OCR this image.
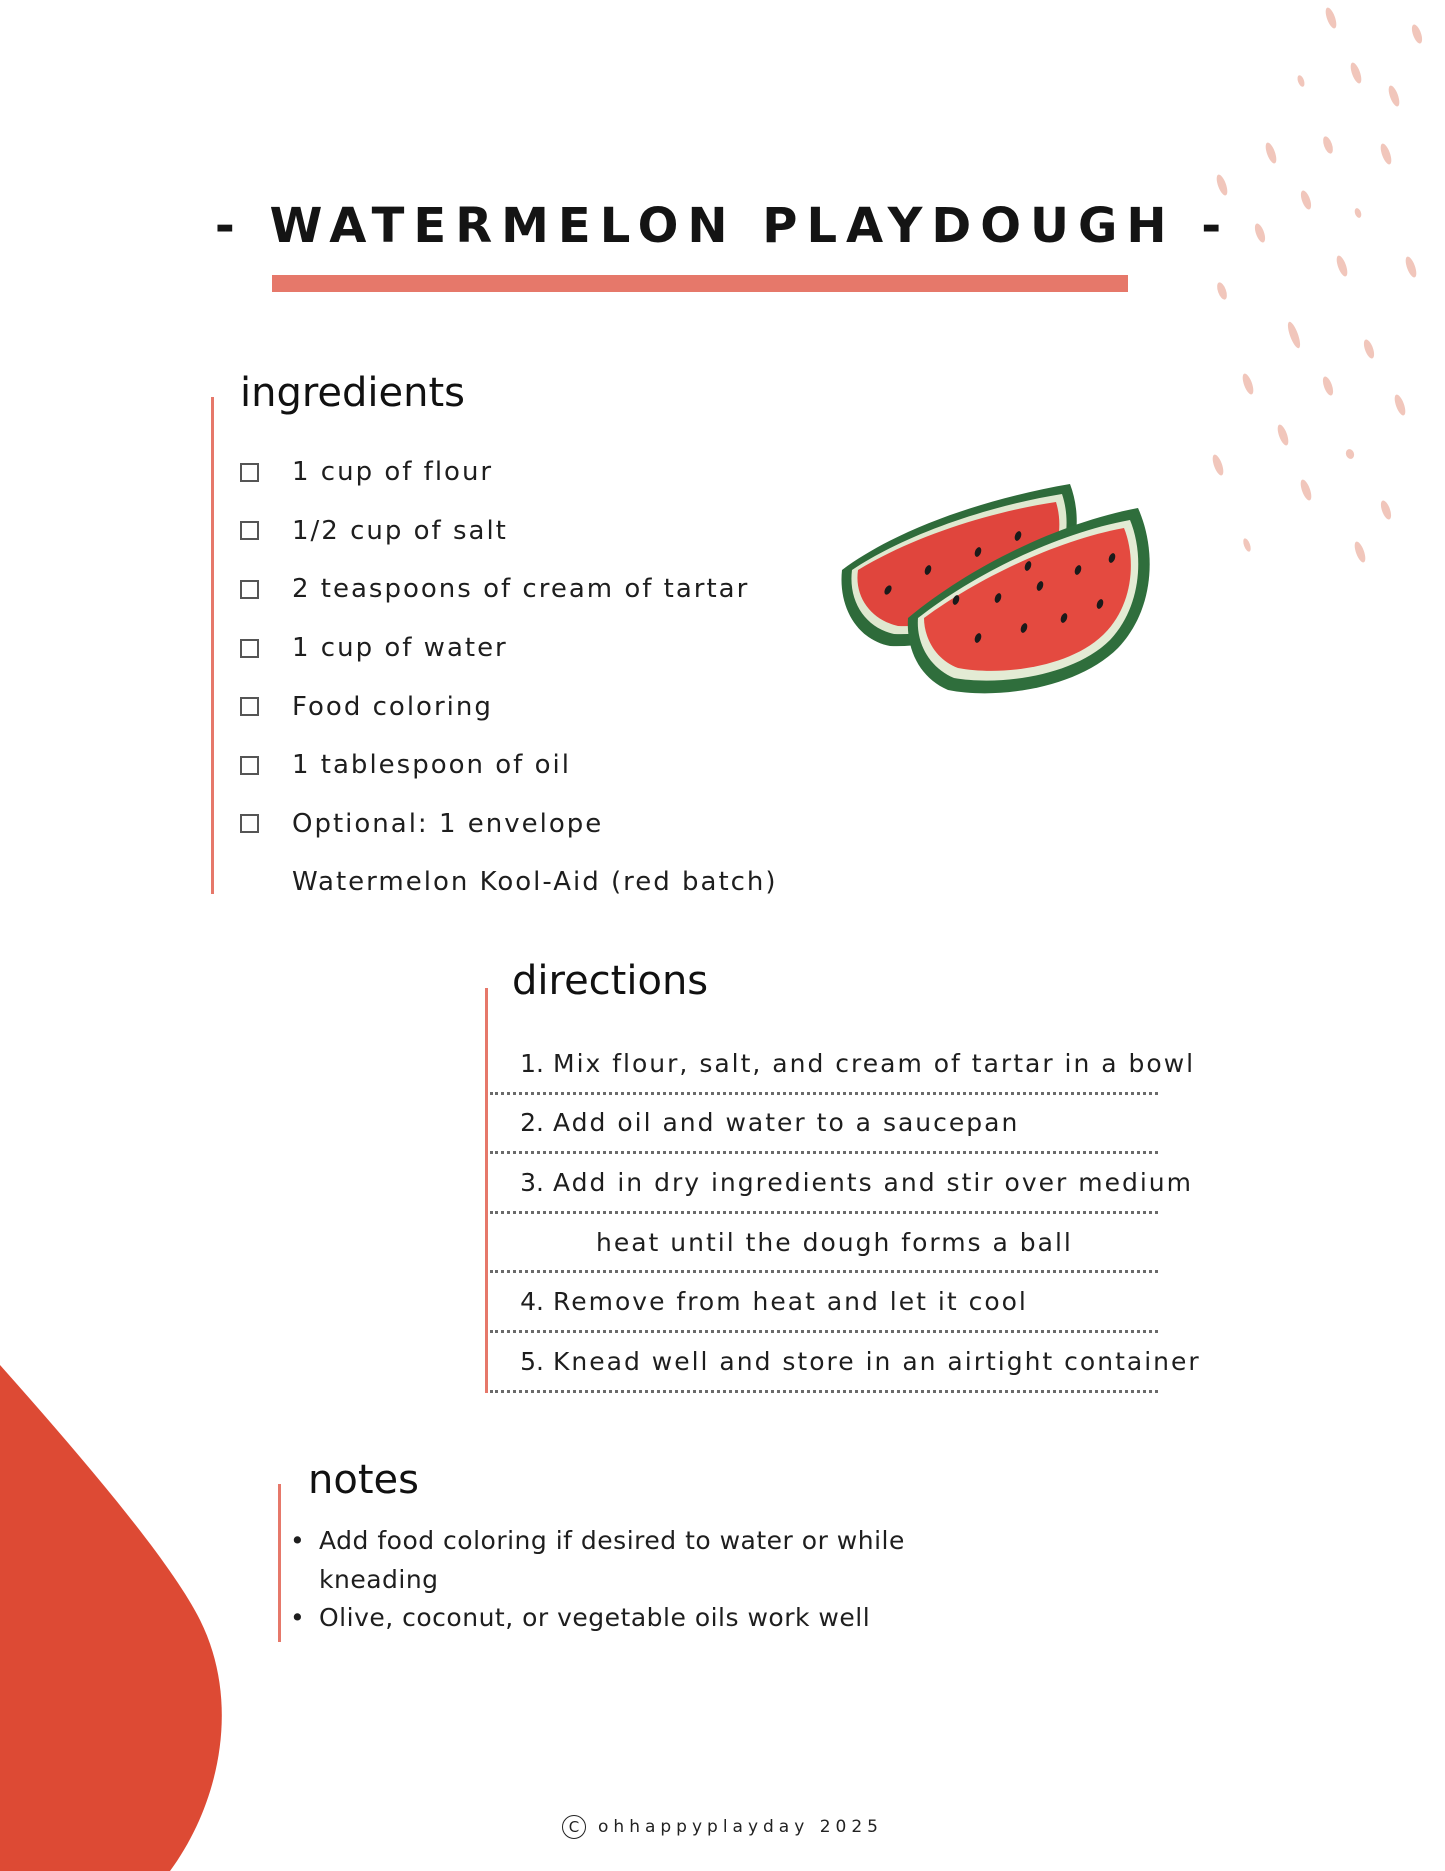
- WATERMELON PLAYDOUGH -
ingredients
1 cup of flour
1/2 cup of salt
2 teaspoons of cream of tartar
1 cup of water
Food coloring
1 tablespoon of oil
Optional: 1 envelope
Watermelon Kool-Aid (red batch)
directions
1. Mix flour, salt, and cream of tartar in a bowl
2. Add oil and water to a saucepan
3. Add in dry ingredients and stir over medium
heat until the dough forms a ball
4. Remove from heat and let it cool
5. Knead well and store in an airtight container
notes
• Add food coloring if desired to water or while kneading
• Olive, coconut, or vegetable oils work well
C ohhappyplayday 2025
